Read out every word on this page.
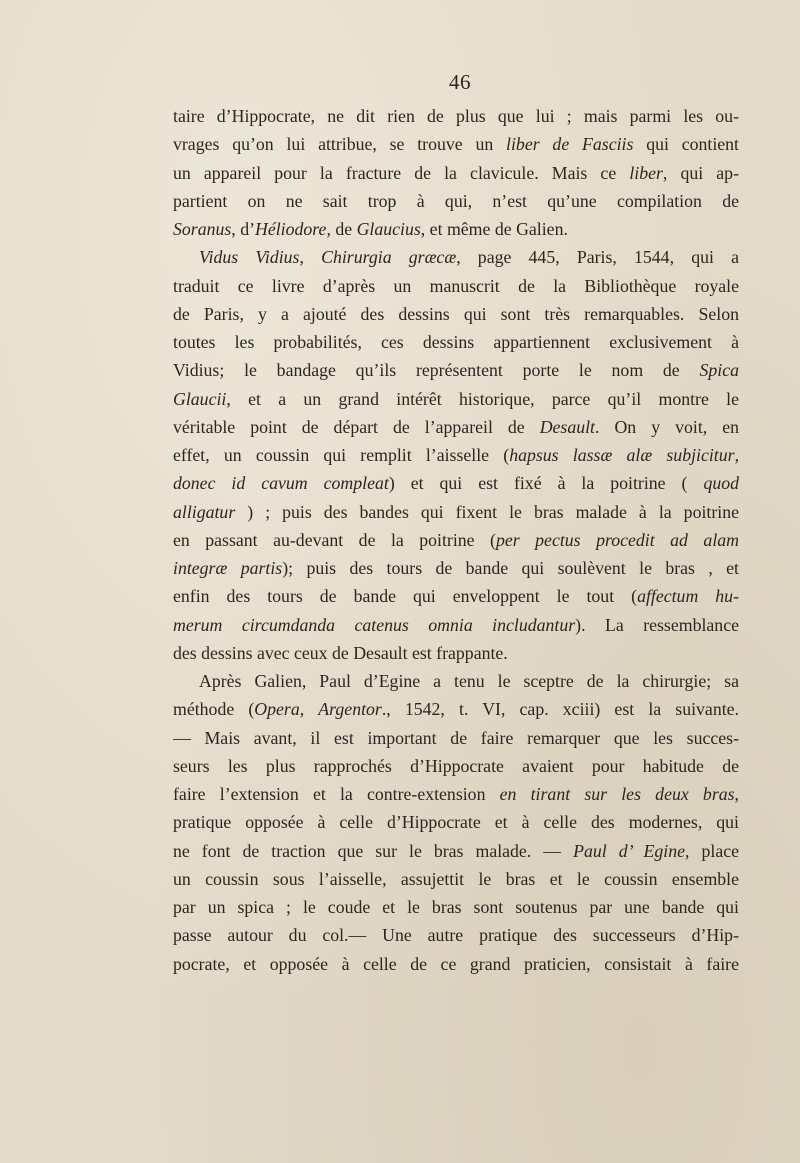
46
taire d’Hippocrate, ne dit rien de plus que lui ; mais parmi les ou-
vrages qu’on lui attribue, se trouve un liber de Fasciis qui contient
un appareil pour la fracture de la clavicule. Mais ce liber, qui ap-
partient on ne sait trop à qui, n’est qu’une compilation de
Soranus, d’Héliodore, de Glaucius, et même de Galien.
Vidus Vidius, Chirurgia græcæ, page 445, Paris, 1544, qui a
traduit ce livre d’après un manuscrit de la Bibliothèque royale
de Paris, y a ajouté des dessins qui sont très remarquables. Selon
toutes les probabilités, ces dessins appartiennent exclusivement à
Vidius; le bandage qu’ils représentent porte le nom de Spica
Glaucii, et a un grand intérêt historique, parce qu’il montre le
véritable point de départ de l’appareil de Desault. On y voit, en
effet, un coussin qui remplit l’aisselle (hapsus lassæ alæ subjicitur,
donec id cavum compleat) et qui est fixé à la poitrine ( quod
alligatur ) ; puis des bandes qui fixent le bras malade à la poitrine
en passant au-devant de la poitrine (per pectus procedit ad alam
integræ partis); puis des tours de bande qui soulèvent le bras , et
enfin des tours de bande qui enveloppent le tout (affectum hu-
merum circumdanda catenus omnia includantur). La ressemblance
des dessins avec ceux de Desault est frappante.
Après Galien, Paul d’Egine a tenu le sceptre de la chirurgie; sa
méthode (Opera, Argentor., 1542, t. VI, cap. xciii) est la suivante.
— Mais avant, il est important de faire remarquer que les succes-
seurs les plus rapprochés d’Hippocrate avaient pour habitude de
faire l’extension et la contre-extension en tirant sur les deux bras,
pratique opposée à celle d’Hippocrate et à celle des modernes, qui
ne font de traction que sur le bras malade. — Paul d’ Egine, place
un coussin sous l’aisselle, assujettit le bras et le coussin ensemble
par un spica ; le coude et le bras sont soutenus par une bande qui
passe autour du col.— Une autre pratique des successeurs d’Hip-
pocrate, et opposée à celle de ce grand praticien, consistait à faire
